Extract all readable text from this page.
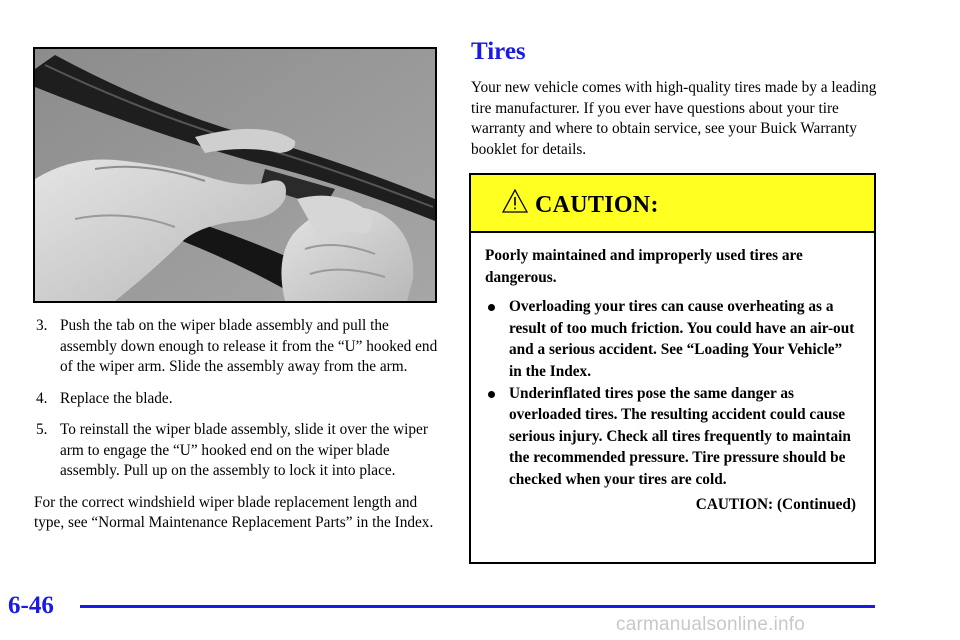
3. Push the tab on the wiper blade assembly and pull the assembly down enough to release it from the “U” hooked end of the wiper arm. Slide the assembly away from the arm.
4. Replace the blade.
5. To reinstall the wiper blade assembly, slide it over the wiper arm to engage the “U” hooked end on the wiper blade assembly. Pull up on the assembly to lock it into place.

For the correct windshield wiper blade replacement length and type, see “Normal Maintenance Replacement Parts” in the Index.

Tires

Your new vehicle comes with high-quality tires made by a leading tire manufacturer. If you ever have questions about your tire warranty and where to obtain service, see your Buick Warranty booklet for details.

CAUTION:

Poorly maintained and improperly used tires are dangerous.

Overloading your tires can cause overheating as a result of too much friction. You could have an air-out and a serious accident. See “Loading Your Vehicle” in the Index.
Underinflated tires pose the same danger as overloaded tires. The resulting accident could cause serious injury. Check all tires frequently to maintain the recommended pressure. Tire pressure should be checked when your tires are cold.
CAUTION: (Continued)
6-46
carmanualsonline.info
